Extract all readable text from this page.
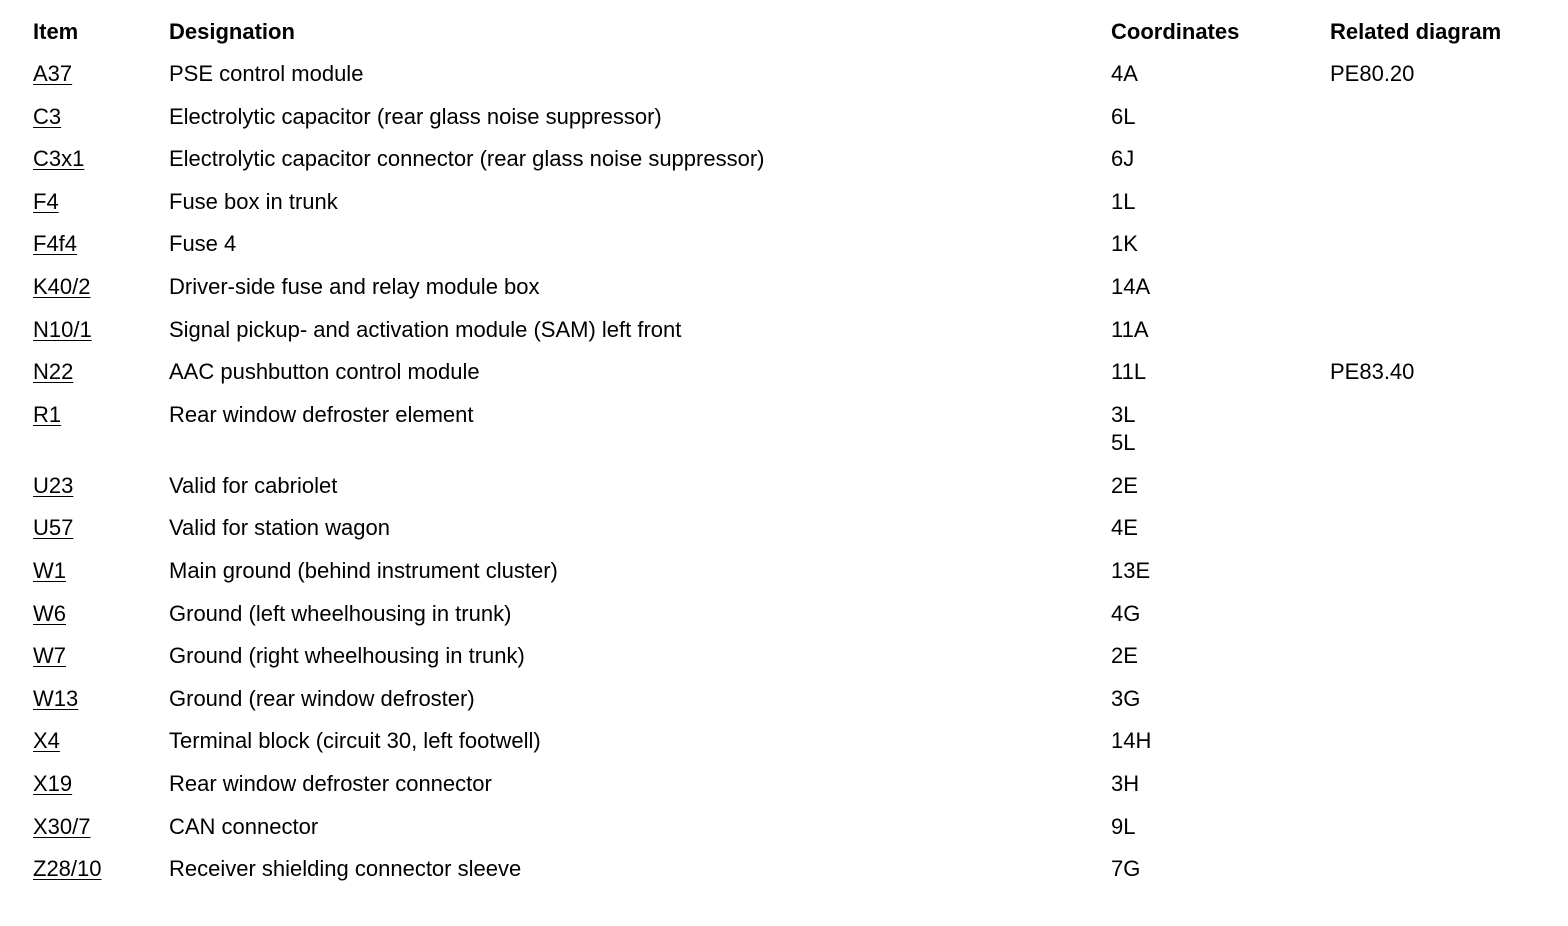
Item	Designation	Coordinates	Related diagram
A37	PSE control module	4A	PE80.20
C3	Electrolytic capacitor (rear glass noise suppressor)	6L
C3x1	Electrolytic capacitor connector (rear glass noise suppressor)	6J
F4	Fuse box in trunk	1L
F4f4	Fuse 4	1K
K40/2	Driver-side fuse and relay module box	14A
N10/1	Signal pickup- and activation module (SAM) left front	11A
N22	AAC pushbutton control module	11L	PE83.40
R1	Rear window defroster element	3L
5L
U23	Valid for cabriolet	2E
U57	Valid for station wagon	4E
W1	Main ground (behind instrument cluster)	13E
W6	Ground (left wheelhousing in trunk)	4G
W7	Ground (right wheelhousing in trunk)	2E
W13	Ground (rear window defroster)	3G
X4	Terminal block (circuit 30, left footwell)	14H
X19	Rear window defroster connector	3H
X30/7	CAN connector	9L
Z28/10	Receiver shielding connector sleeve	7G
